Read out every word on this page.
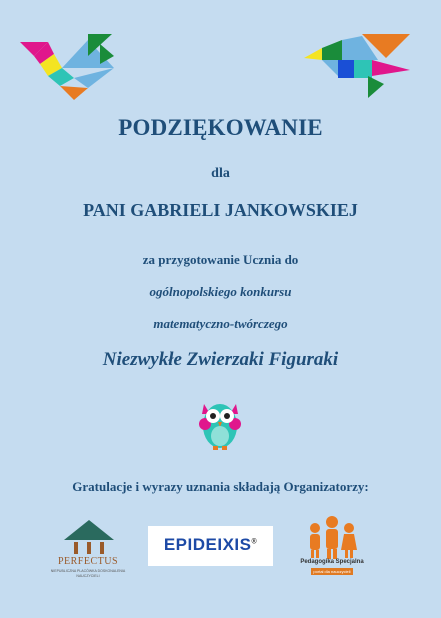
PODZIĘKOWANIE
dla
PANI GABRIELI JANKOWSKIEJ
za przygotowanie Ucznia do
ogólnopolskiego konkursu
matematyczno-twórczego
Niezwykłe Zwierzaki Figuraki
Gratulacje i wyrazy uznania składają Organizatorzy:
PERFECTUS
NIEPUBLICZNA PLACÓWKA DOSKONALENIA NAUCZYCIELI
EPIDEIXIS®
Pedagogika Specjalna
portal dla nauczycieli
